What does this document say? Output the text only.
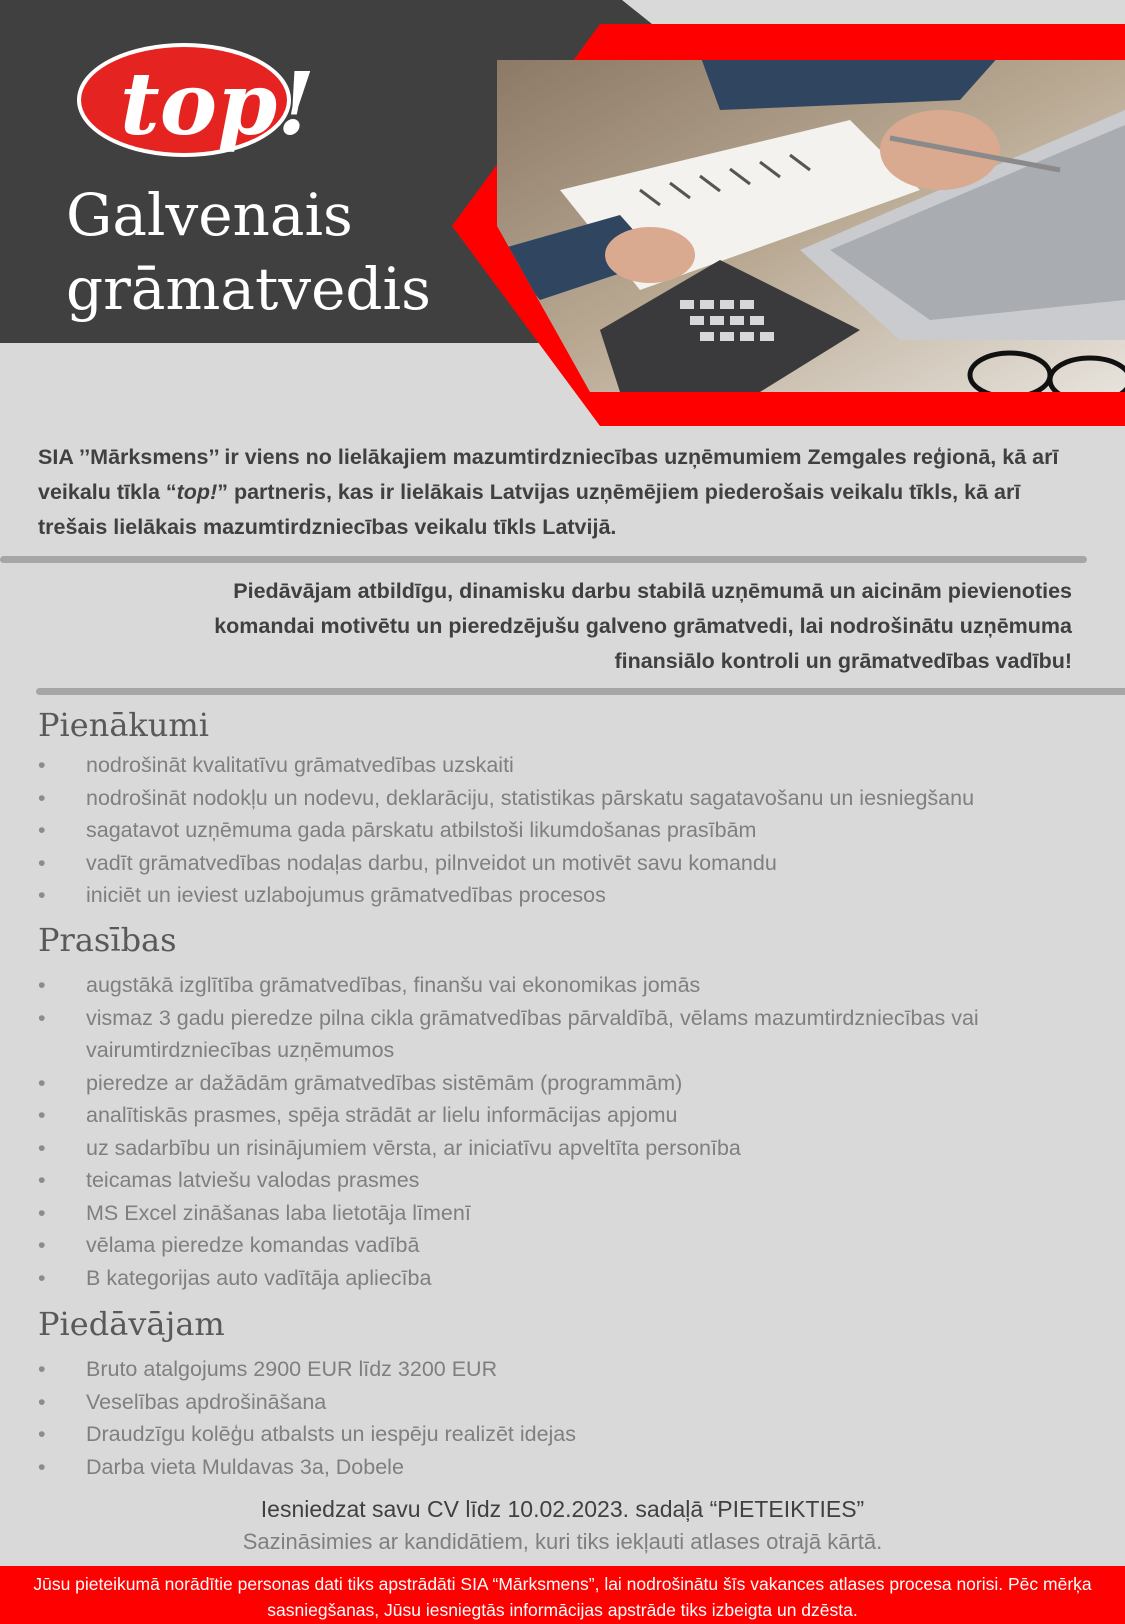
top!
Galvenais
grāmatvedis

SIA ’’Mārksmens’’ ir viens no lielākajiem mazumtirdzniecības uzņēmumiem Zemgales reģionā, kā arī veikalu tīkla “top!” partneris, kas ir lielākais Latvijas uzņēmējiem piederošais veikalu tīkls, kā arī trešais lielākais mazumtirdzniecības veikalu tīkls Latvijā.

Piedāvājam atbildīgu, dinamisku darbu stabilā uzņēmumā un aicinām pievienoties
komandai motivētu un pieredzējušu galveno grāmatvedi, lai nodrošinātu uzņēmuma
finansiālo kontroli un grāmatvedības vadību!

Pienākumi
•	nodrošināt kvalitatīvu grāmatvedības uzskaiti
•	nodrošināt nodokļu un nodevu, deklarāciju, statistikas pārskatu sagatavošanu un iesniegšanu
•	sagatavot uzņēmuma gada pārskatu atbilstoši likumdošanas prasībām
•	vadīt grāmatvedības nodaļas darbu, pilnveidot un motivēt savu komandu
•	iniciēt un ieviest uzlabojumus grāmatvedības procesos
Prasības
•	augstākā izglītība grāmatvedības, finanšu vai ekonomikas jomās
•	vismaz 3 gadu pieredze pilna cikla grāmatvedības pārvaldībā, vēlams mazumtirdzniecības vai vairumtirdzniecības uzņēmumos
•	pieredze ar dažādām grāmatvedības sistēmām (programmām)
•	analītiskās prasmes, spēja strādāt ar lielu informācijas apjomu
•	uz sadarbību un risinājumiem vērsta, ar iniciatīvu apveltīta personība
•	teicamas latviešu valodas prasmes
•	MS Excel zināšanas laba lietotāja līmenī
•	vēlama pieredze komandas vadībā
•	B kategorijas auto vadītāja apliecība
Piedāvājam
•	Bruto atalgojums 2900 EUR līdz 3200 EUR
•	Veselības apdrošināšana
•	Draudzīgu kolēģu atbalsts un iespēju realizēt idejas
•	Darba vieta Muldavas 3a, Dobele

Iesniedzat savu CV līdz 10.02.2023. sadaļā “PIETEIKTIES”

Sazināsimies ar kandidātiem, kuri tiks iekļauti atlases otrajā kārtā.

Jūsu pieteikumā norādītie personas dati tiks apstrādāti SIA “Mārksmens”, lai nodrošinātu šīs vakances atlases procesa norisi. Pēc mērķa sasniegšanas, Jūsu iesniegtās informācijas apstrāde tiks izbeigta un dzēsta.
